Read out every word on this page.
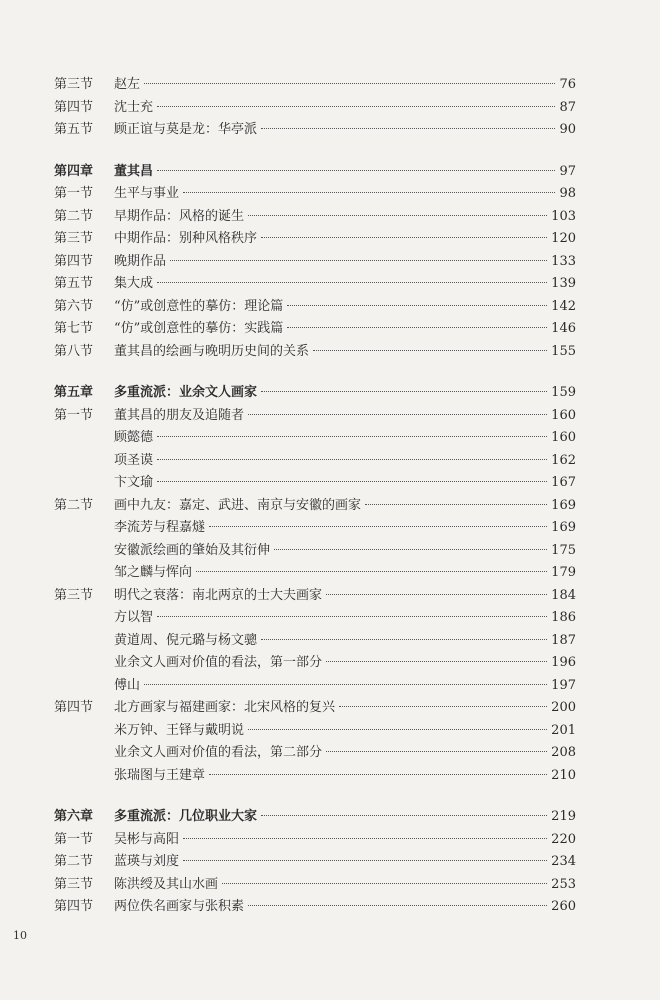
第三节	赵左	76
第四节	沈士充	87
第五节	顾正谊与莫是龙：华亭派	90
第四章	董其昌	97
第一节	生平与事业	98
第二节	早期作品：风格的诞生	103
第三节	中期作品：别种风格秩序	120
第四节	晚期作品	133
第五节	集大成	139
第六节	“仿”或创意性的摹仿：理论篇	142
第七节	“仿”或创意性的摹仿：实践篇	146
第八节	董其昌的绘画与晚明历史间的关系	155
第五章	多重流派：业余文人画家	159
第一节	董其昌的朋友及追随者	160
顾懿德	160
项圣谟	162
卞文瑜	167
第二节	画中九友：嘉定、武进、南京与安徽的画家	169
李流芳与程嘉燧	169
安徽派绘画的肇始及其衍伸	175
邹之麟与恽向	179
第三节	明代之衰落：南北两京的士大夫画家	184
方以智	186
黄道周、倪元璐与杨文骢	187
业余文人画对价值的看法，第一部分	196
傅山	197
第四节	北方画家与福建画家：北宋风格的复兴	200
米万钟、王铎与戴明说	201
业余文人画对价值的看法，第二部分	208
张瑞图与王建章	210
第六章	多重流派：几位职业大家	219
第一节	吴彬与高阳	220
第二节	蓝瑛与刘度	234
第三节	陈洪绶及其山水画	253
第四节	两位佚名画家与张积素	260
10
